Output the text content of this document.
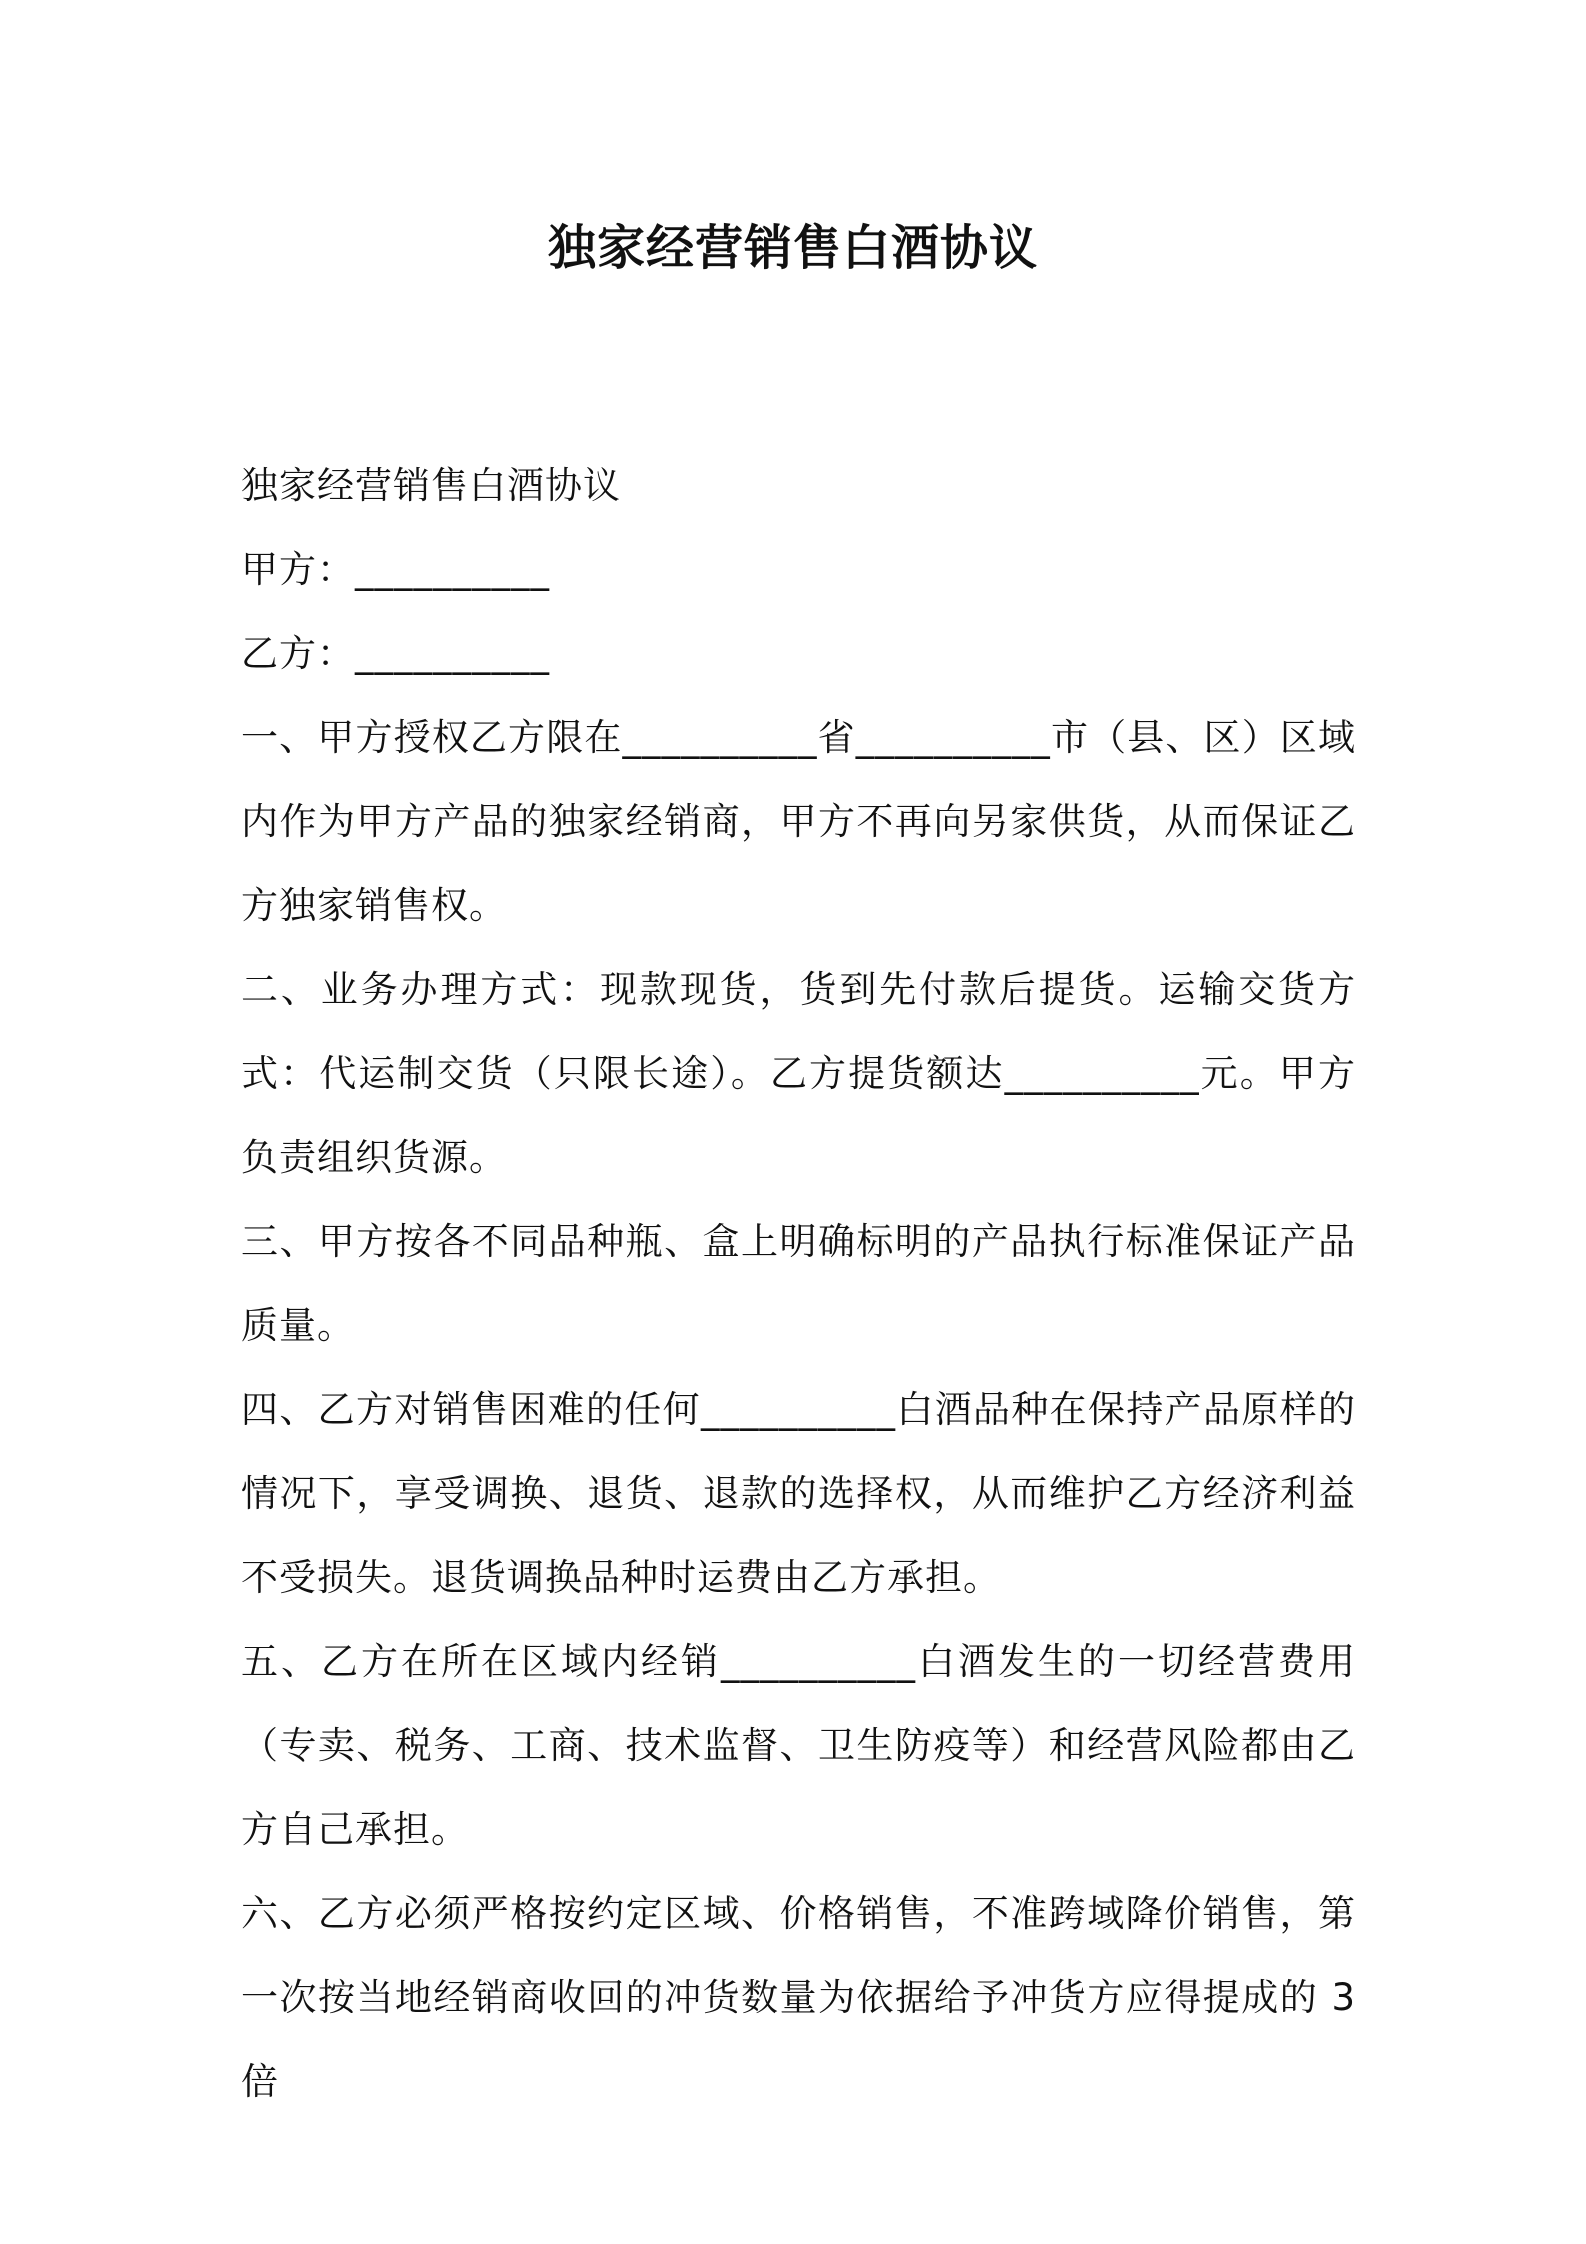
独家经营销售白酒协议

独家经营销售白酒协议

甲方：__________

乙方：__________

一、甲方授权乙方限在__________省__________市（县、区）区域内作为甲方产品的独家经销商，甲方不再向另家供货，从而保证乙方独家销售权。

二、业务办理方式：现款现货，货到先付款后提货。运输交货方式：代运制交货（只限长途）。乙方提货额达__________元。甲方负责组织货源。

三、甲方按各不同品种瓶、盒上明确标明的产品执行标准保证产品质量。

四、乙方对销售困难的任何__________白酒品种在保持产品原样的情况下，享受调换、退货、退款的选择权，从而维护乙方经济利益不受损失。退货调换品种时运费由乙方承担。

五、乙方在所在区域内经销__________白酒发生的一切经营费用（专卖、税务、工商、技术监督、卫生防疫等）和经营风险都由乙方自己承担。

六、乙方必须严格按约定区域、价格销售，不准跨域降价销售，第一次按当地经销商收回的冲货数量为依据给予冲货方应得提成的 3 倍
